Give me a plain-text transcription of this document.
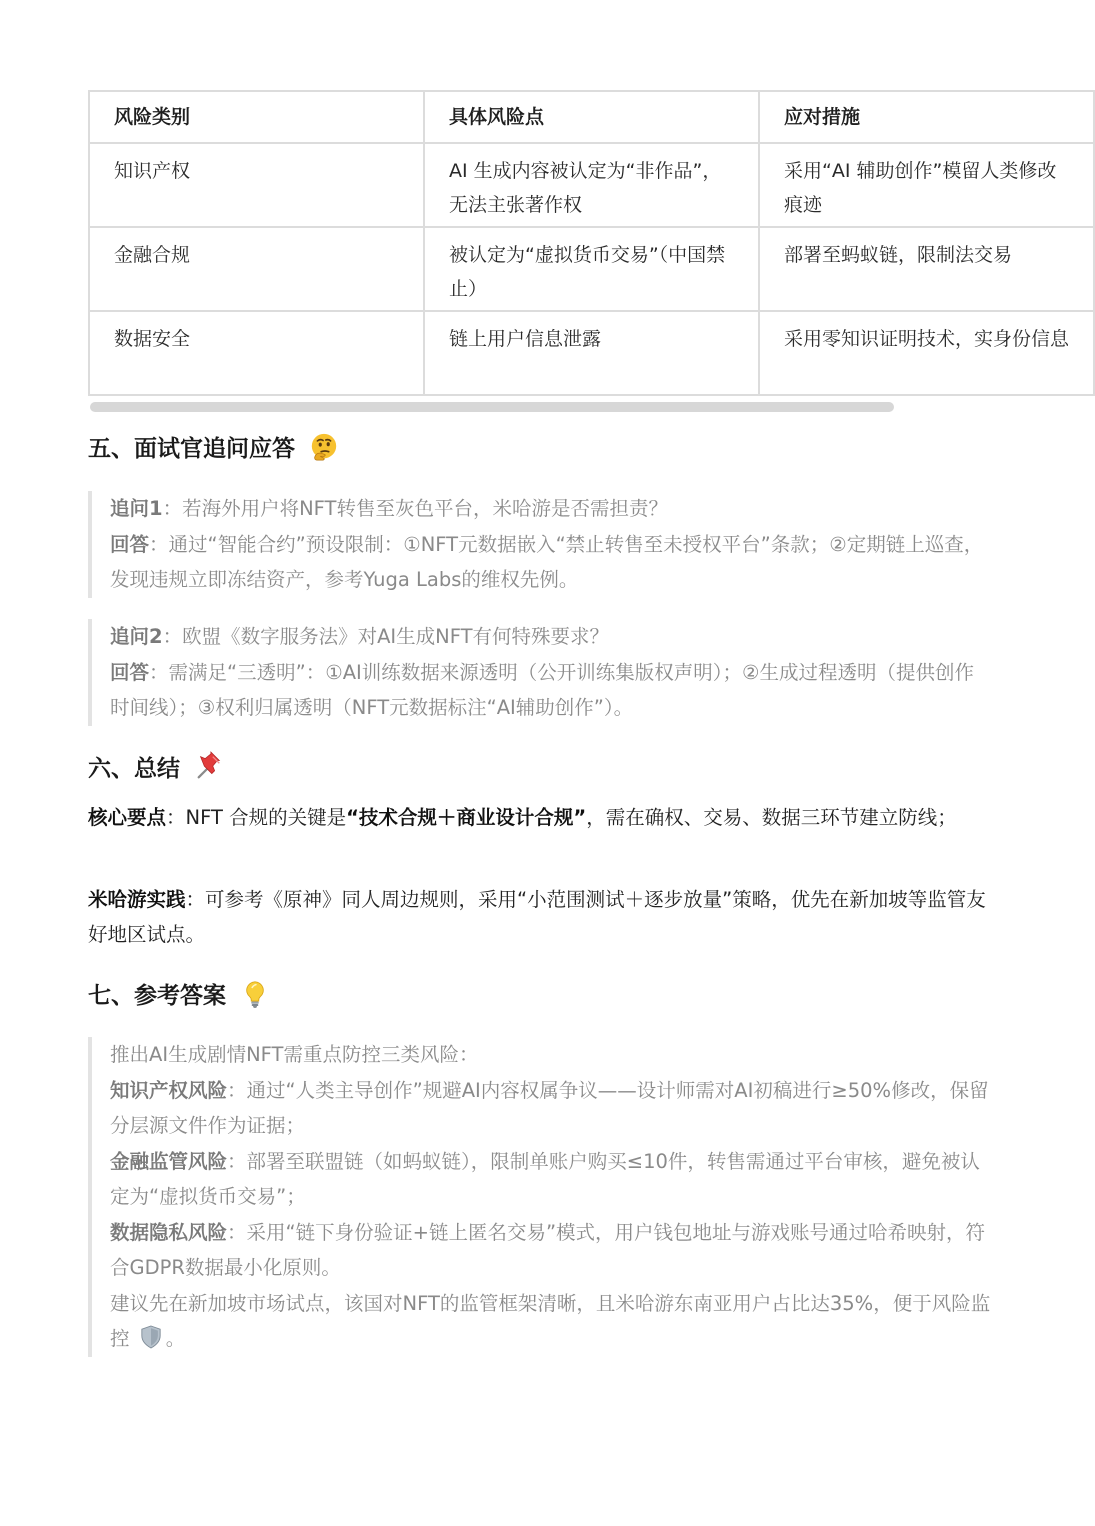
风险类别	具体风险点	应对措施
知识产权	AI 生成内容被认定为“非作品”，无法主张著作权	采用“AI 辅助创作”模留人类修改痕迹
金融合规	被认定为“虚拟货币交易”（中国禁止）	部署至蚂蚁链，限制法交易
数据安全	链上用户信息泄露	采用零知识证明技术，实身份信息
五、面试官追问应答

追问1：若海外用户将NFT转售至灰色平台，米哈游是否需担责？

回答：通过“智能合约”预设限制：①NFT元数据嵌入“禁止转售至未授权平台”条款；②定期链上巡查，发现违规立即冻结资产，参考Yuga Labs的维权先例。

追问2：欧盟《数字服务法》对AI生成NFT有何特殊要求？

回答：需满足“三透明”：①AI训练数据来源透明（公开训练集版权声明）；②生成过程透明（提供创作时间线）；③权利归属透明（NFT元数据标注“AI辅助创作”）。

六、总结

核心要点：NFT 合规的关键是“技术合规＋商业设计合规”，需在确权、交易、数据三环节建立防线；

米哈游实践：可参考《原神》同人周边规则，采用“小范围测试＋逐步放量”策略，优先在新加坡等监管友好地区试点。

七、参考答案

推出AI生成剧情NFT需重点防控三类风险：

知识产权风险：通过“人类主导创作”规避AI内容权属争议——设计师需对AI初稿进行≥50%修改，保留分层源文件作为证据；

金融监管风险：部署至联盟链（如蚂蚁链），限制单账户购买≤10件，转售需通过平台审核，避免被认定为“虚拟货币交易”；

数据隐私风险：采用“链下身份验证+链上匿名交易”模式，用户钱包地址与游戏账号通过哈希映射，符合GDPR数据最小化原则。

建议先在新加坡市场试点，该国对NFT的监管框架清晰，且米哈游东南亚用户占比达35%，便于风险监控 。
